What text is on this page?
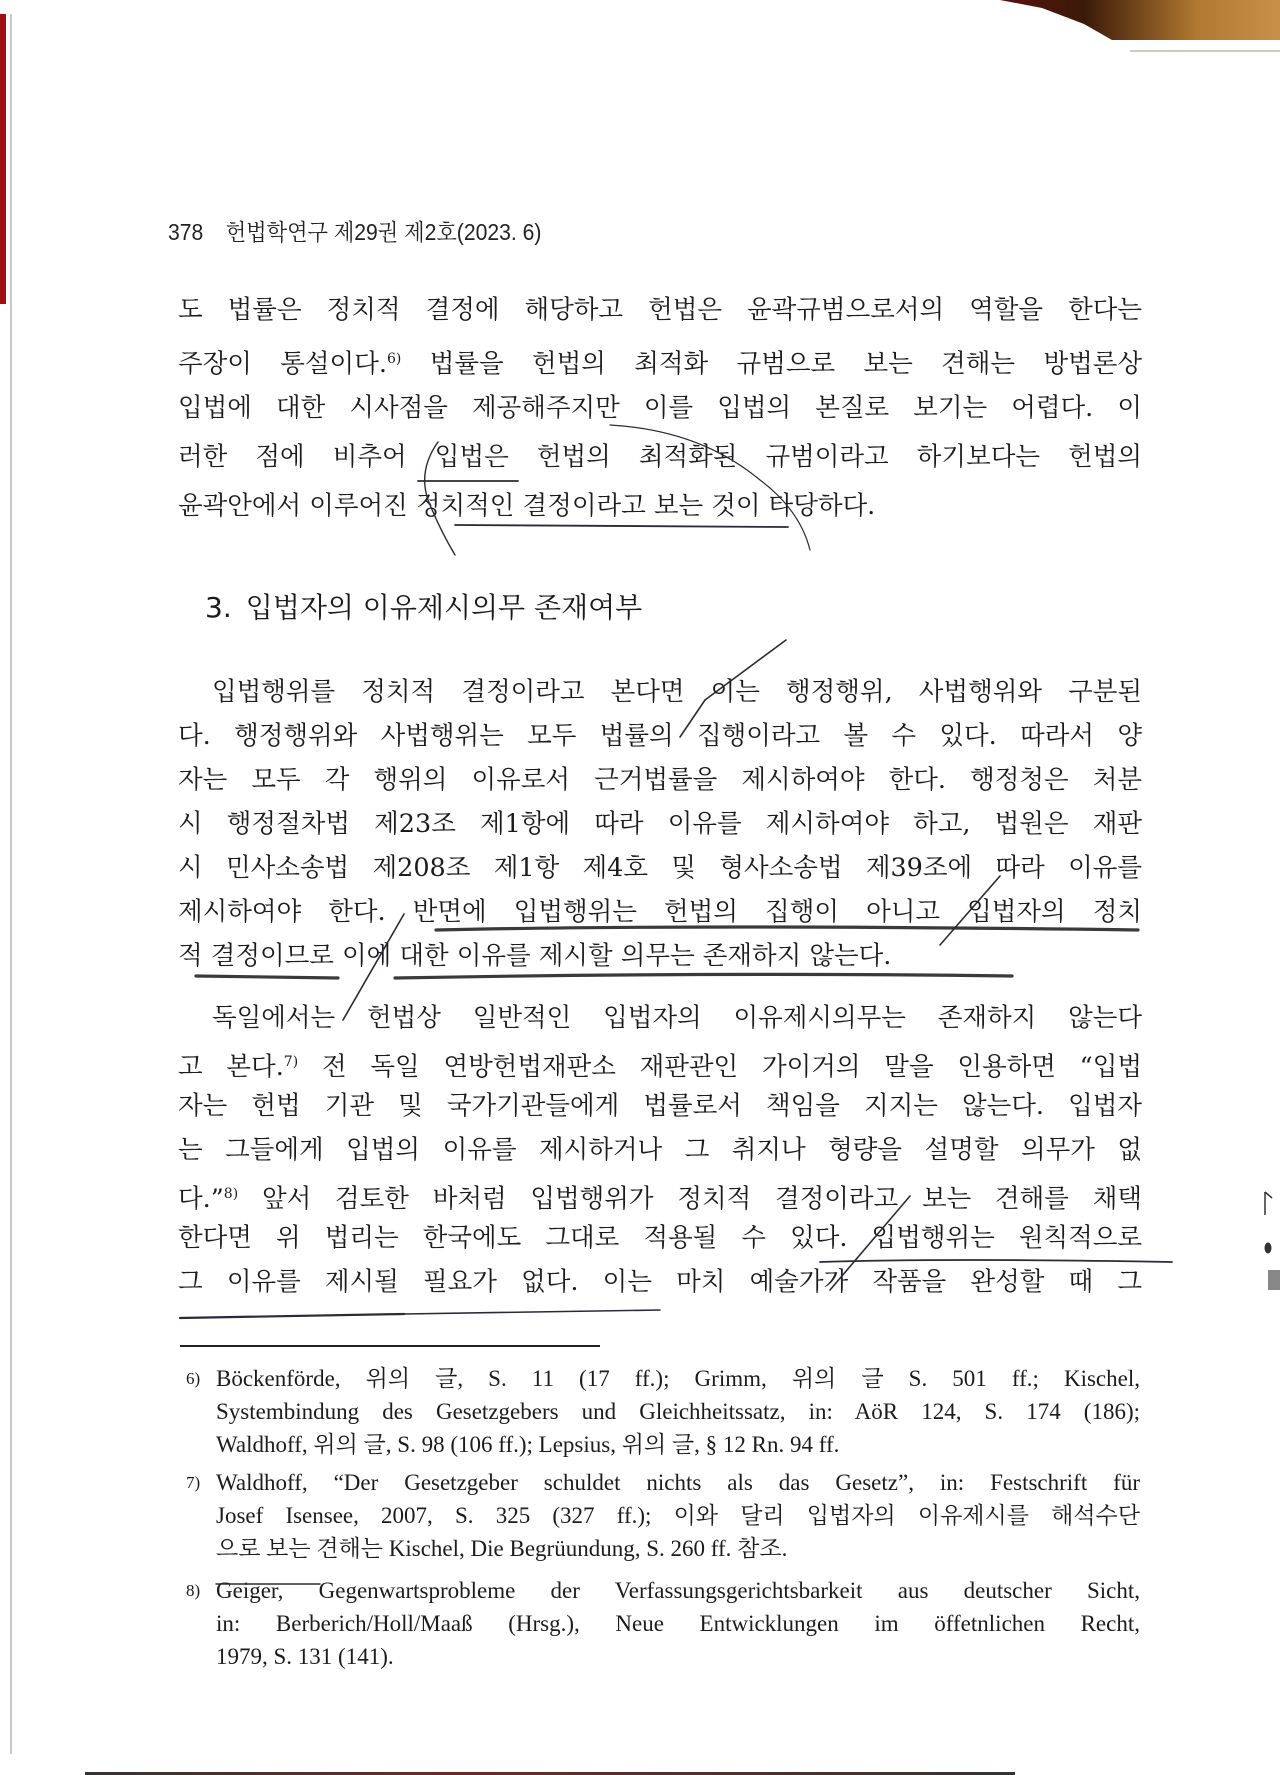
378 헌법학연구 제29권 제2호(2023. 6)
도 법률은 정치적 결정에 해당하고 헌법은 윤곽규범으로서의 역할을 한다는
주장이 통설이다.$^{6)}$ 법률을 헌법의 최적화 규범으로 보는 견해는 방법론상
입법에 대한 시사점을 제공해주지만 이를 입법의 본질로 보기는 어렵다. 이
러한 점에 비추어 입법은 헌법의 최적화된 규범이라고 하기보다는 헌법의
윤곽안에서 이루어진 정치적인 결정이라고 보는 것이 타당하다.
3. 입법자의 이유제시의무 존재여부
입법행위를 정치적 결정이라고 본다면 이는 행정행위, 사법행위와 구분된
다. 행정행위와 사법행위는 모두 법률의 집행이라고 볼 수 있다. 따라서 양
자는 모두 각 행위의 이유로서 근거법률을 제시하여야 한다. 행정청은 처분
시 행정절차법 제23조 제1항에 따라 이유를 제시하여야 하고, 법원은 재판
시 민사소송법 제208조 제1항 제4호 및 형사소송법 제39조에 따라 이유를
제시하여야 한다. 반면에 입법행위는 헌법의 집행이 아니고 입법자의 정치
적 결정이므로 이에 대한 이유를 제시할 의무는 존재하지 않는다.
독일에서는 헌법상 일반적인 입법자의 이유제시의무는 존재하지 않는다
고 본다.$^{7)}$ 전 독일 연방헌법재판소 재판관인 가이거의 말을 인용하면 “입법
자는 헌법 기관 및 국가기관들에게 법률로서 책임을 지지는 않는다. 입법자
는 그들에게 입법의 이유를 제시하거나 그 취지나 형량을 설명할 의무가 없
다.”$^{8)}$ 앞서 검토한 바처럼 입법행위가 정치적 결정이라고 보는 견해를 채택
한다면 위 법리는 한국에도 그대로 적용될 수 있다. 입법행위는 원칙적으로
그 이유를 제시될 필요가 없다. 이는 마치 예술가가 작품을 완성할 때 그
6) Böckenförde, 위의 글, S. 11 (17 ff.); Grimm, 위의 글 S. 501 ff.; Kischel,
Systembindung des Gesetzgebers und Gleichheitssatz, in: AöR 124, S. 174 (186);
Waldhoff, 위의 글, S. 98 (106 ff.); Lepsius, 위의 글, § 12 Rn. 94 ff.
7) Waldhoff, “Der Gesetzgeber schuldet nichts als das Gesetz”, in: Festschrift für
Josef Isensee, 2007, S. 325 (327 ff.); 이와 달리 입법자의 이유제시를 해석수단
으로 보는 견해는 Kischel, Die Begrüundung, S. 260 ff. 참조.
8) Geiger, Gegenwartsprobleme der Verfassungsgerichtsbarkeit aus deutscher Sicht,
in: Berberich/Holl/Maaß (Hrsg.), Neue Entwicklungen im öffetnlichen Recht,
1979, S. 131 (141).
